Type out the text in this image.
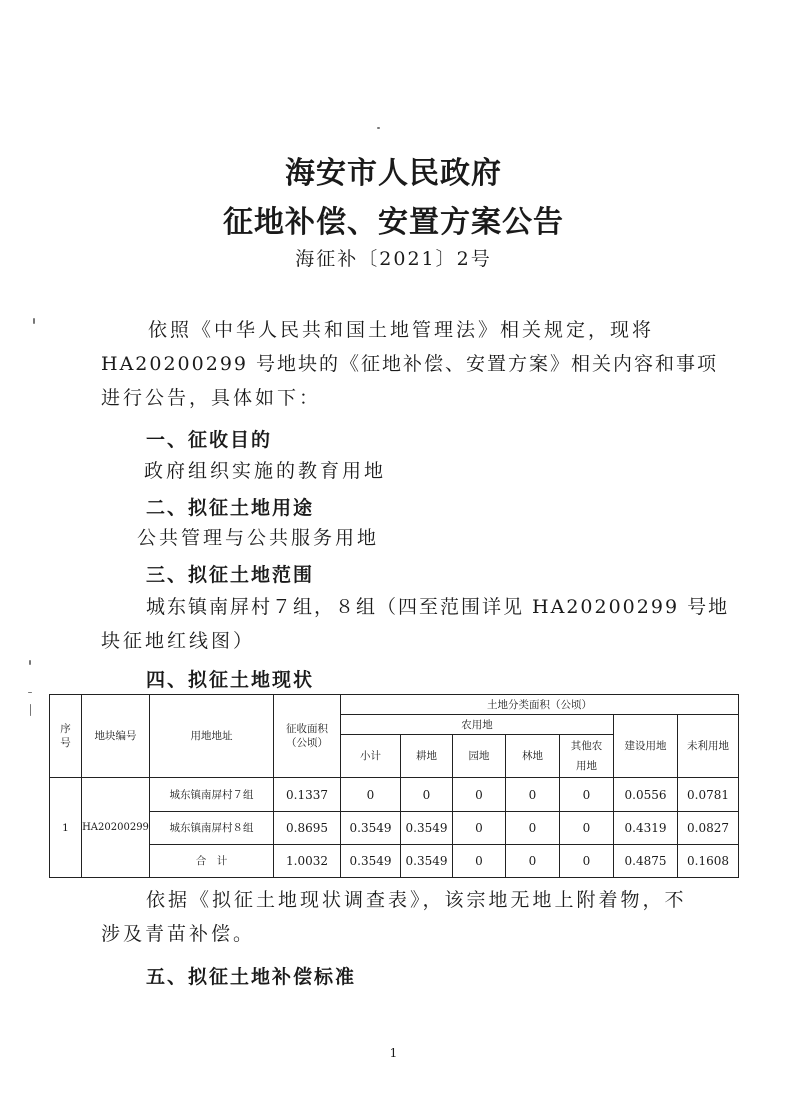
海安市人民政府
征地补偿、安置方案公告
海征补〔2021〕2号
依照《中华人民共和国土地管理法》相关规定，现将
HA20200299 号地块的《征地补偿、安置方案》相关内容和事项
进行公告，具体如下：
一、征收目的
政府组织实施的教育用地
二、拟征土地用途
公共管理与公共服务用地
三、拟征土地范围
城东镇南屏村７组，８组（四至范围详见 HA20200299 号地
块征地红线图）
四、拟征土地现状
序号	地块编号	用地地址	征收面积（公顷）	土地分类面积（公顷）						
				农用地					建设用地	未利用地
				小计	耕地	园地	林地	其他农用地		
1	HA20200299	城东镇南屏村７组	0.1337	0	0	0	0	0	0.0556	0.0781
		城东镇南屏村８组	0.8695	0.3549	0.3549	0	0	0	0.4319	0.0827
		合　计	1.0032	0.3549	0.3549	0	0	0	0.4875	0.1608
依据《拟征土地现状调查表》，该宗地无地上附着物，不
涉及青苗补偿。
五、拟征土地补偿标准
1
